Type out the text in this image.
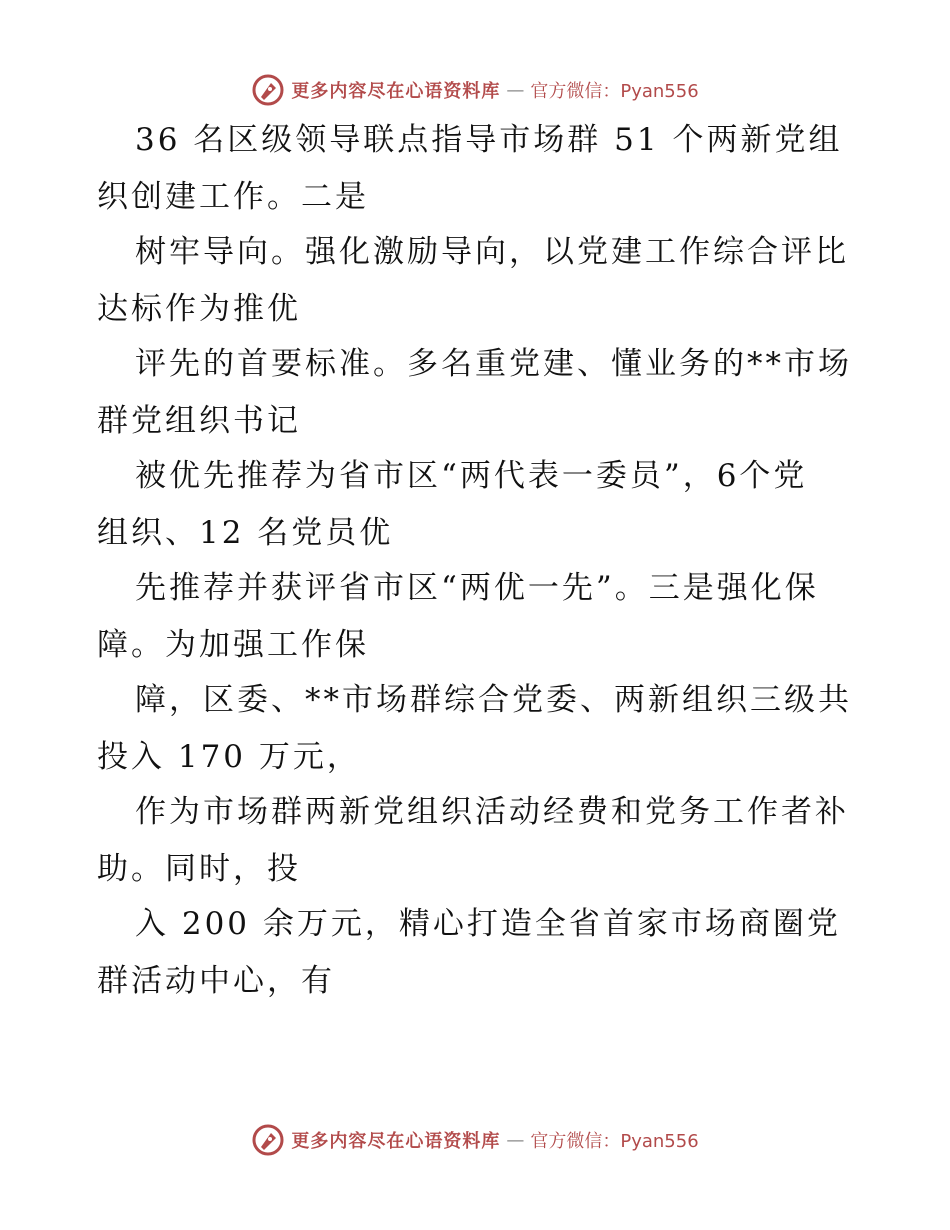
更多内容尽在心语资料库 — 官方微信：Pyan556

36 名区级领导联点指导市场群 51 个两新党组

织创建工作。二是

树牢导向。强化激励导向，以党建工作综合评比

达标作为推优

评先的首要标准。多名重党建、懂业务的**市场

群党组织书记

被优先推荐为省市区“两代表一委员”，6个党

组织、12 名党员优

先推荐并获评省市区“两优一先”。三是强化保

障。为加强工作保

障，区委、**市场群综合党委、两新组织三级共

投入 170 万元，

作为市场群两新党组织活动经费和党务工作者补

助。同时，投

入 200 余万元，精心打造全省首家市场商圈党

群活动中心，有

更多内容尽在心语资料库 — 官方微信：Pyan556
